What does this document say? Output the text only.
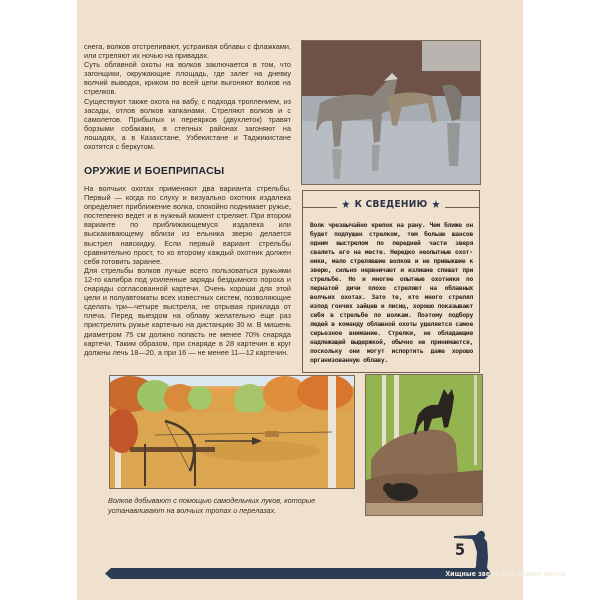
снега, волков отстреливают, устраивая облавы с флажками, или стреляют их ночью на привадах.

Суть облавной охоты на волков заключается в том, что загонщики, окружающие площадь, где залег на дневку волчий выводок, криком по всей цепи выгоняют волков на стрелков.

Существуют также охота на вабу, с подхода троплением, из засады, отлов волков капканами. Стреляют волков и с самолетов. Прибылых и переярков (двухлеток) травят борзыми собаками, в степных районах загоняют на лошадях, а в Казахстане, Узбекистане и Таджикистане охотятся с беркутом.

ОРУЖИЕ И БОЕПРИПАСЫ

На волчьих охотах применяют два варианта стрельбы. Первый — когда по слуху и визуально охотник издалека определяет приближение волка, спокойно поднимает ружье, постепенно ведет и в нужный момент стреляет. При втором варианте по приближающемуся издалека или выскакивающему вблизи из ельника зверю делается выстрел навскидку. Если первый вариант стрельбы сравнительно прост, то ко второму каждый охотник должен себя готовить заранее.

Для стрельбы волков лучше всего пользоваться ружьями 12-го калибра под усиленные заряды бездымного пороха и снаряды согласованной картечи. Очень хороши для этой цели и полуавтоматы всех известных систем, позволяющие сделать три—четыре выстрела, не отрывая приклада от плеча. Перед выездом на облаву желательно еще раз пристрелять ружье картечью на дистанцию 30 м. В мишень диаметром 75 см должно попасть не менее 70% снаряда картечи. Таким образом, при снаряде в 28 картечин в круг должны лечь 18—20, а при 16 — не менее 11—12 картечин.

★ К СВЕДЕНИЮ ★
Волк чрезвычайно крепок на рану. Чем ближе он будет подпущен стрелком, тем больше шансов одним выстрелом по передней части зверя свалить его на месте. Нередко неопытные охотники, мало стрелявшие волков и не привыкшие к зверю, сильно нервничают и излишне спешат при стрельбе. Но и многие опытные охотники по пернатой дичи плохо стреляют на облавных волчьих охотах. Зато те, кто много стрелял изпод гончих зайцев и лисиц, хорошо показывают себя в стрельбе по волкам. Поэтому подбору людей в команду облавной охоты уделяется самое серьезное внимание. Стрелки, не обладающие надлежащей выдержкой, обычно не принимаются, поскольку они могут испортить даже хорошо организованную облаву.
Волков добывают с помощью самодельных луков, которые устанавливают на волчьих тропах и перелазах.
5
Хищные звери как объект охоты
